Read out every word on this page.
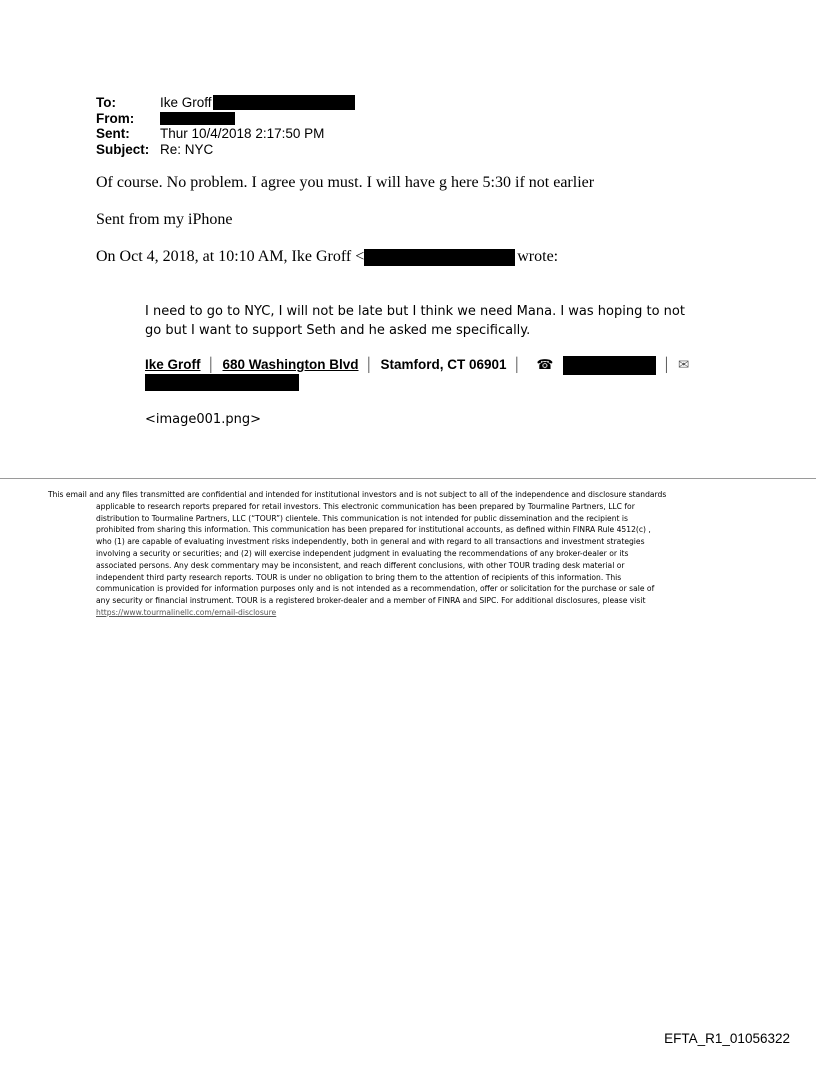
To:	Ike Groff
From:
Sent:	Thur 10/4/2018 2:17:50 PM
Subject: Re: NYC
Of course. No problem. I agree you must. I will have g here 5:30 if not earlier
Sent from my iPhone
On Oct 4, 2018, at 10:10 AM, Ike Groff <	wrote:
I need to go to NYC, I will not be late but I think we need Mana. I was hoping to not go but I want to support Seth and he asked me specifically.
Ike Groff │ 680 Washington Blvd │ Stamford, CT 06901 │ ☎	│ ✉
<image001.png>
This email and any files transmitted are confidential and intended for institutional investors and is not subject to all of the independence and disclosure standards applicable to research reports prepared for retail investors. This electronic communication has been prepared by Tourmaline Partners, LLC for distribution to Tourmaline Partners, LLC (“TOUR”) clientele. This communication is not intended for public dissemination and the recipient is prohibited from sharing this information. This communication has been prepared for institutional accounts, as defined within FINRA Rule 4512(c) , who (1) are capable of evaluating investment risks independently, both in general and with regard to all transactions and investment strategies involving a security or securities; and (2) will exercise independent judgment in evaluating the recommendations of any broker-dealer or its associated persons. Any desk commentary may be inconsistent, and reach different conclusions, with other TOUR trading desk material or independent third party research reports. TOUR is under no obligation to bring them to the attention of recipients of this information. This communication is provided for information purposes only and is not intended as a recommendation, offer or solicitation for the purchase or sale of any security or financial instrument. TOUR is a registered broker-dealer and a member of FINRA and SIPC. For additional disclosures, please visit https://www.tourmalinellc.com/email-disclosure
EFTA_R1_01056322
